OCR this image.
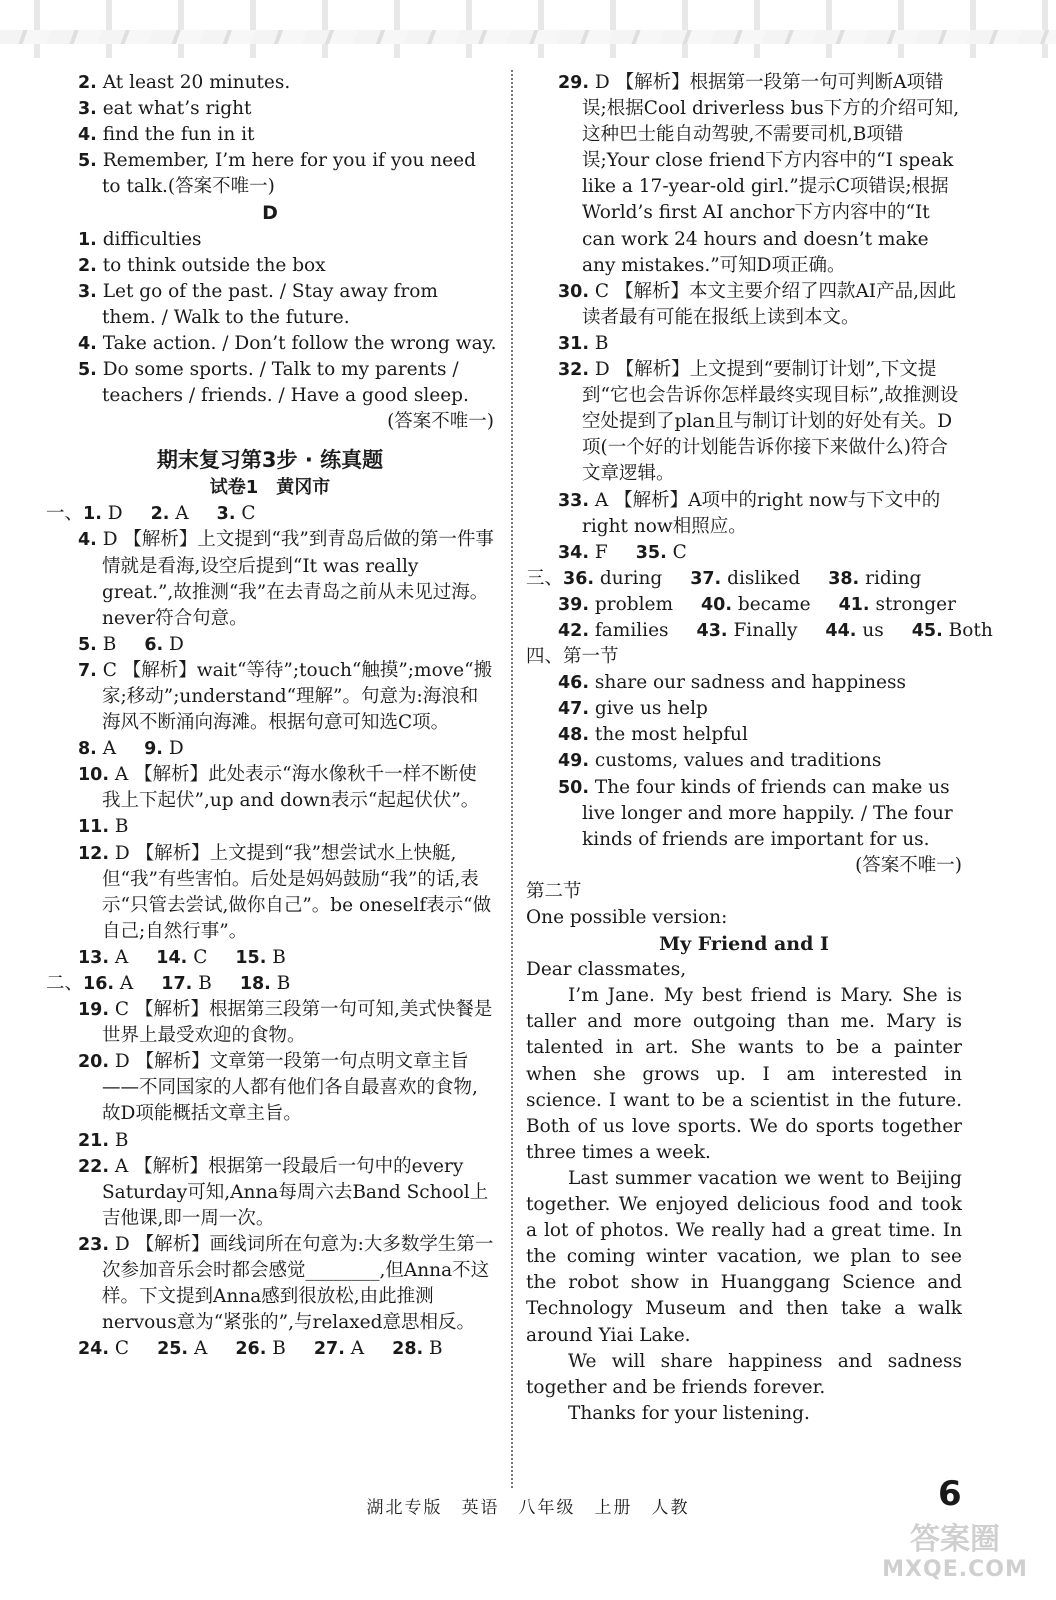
2. At least 20 minutes.
3. eat what’s right
4. find the fun in it
5. Remember, I’m here for you if you need to talk.(答案不唯一)
D
1. difficulties
2. to think outside the box
3. Let go of the past. / Stay away from them. / Walk to the future.
4. Take action. / Don’t follow the wrong way.
5. Do some sports. / Talk to my parents / teachers / friends. / Have a good sleep.
(答案不唯一)
期末复习第3步 · 练真题
试卷1　黄冈市
一、1. D 2. A 3. C
4. D 【解析】上文提到“我”到青岛后做的第一件事情就是看海,设空后提到“It was really great.”,故推测“我”在去青岛之前从未见过海。never符合句意。
5. B 6. D
7. C 【解析】wait“等待”;touch“触摸”;move“搬家;移动”;understand“理解”。句意为:海浪和海风不断涌向海滩。根据句意可知选C项。
8. A 9. D
10. A 【解析】此处表示“海水像秋千一样不断使我上下起伏”,up and down表示“起起伏伏”。
11. B
12. D 【解析】上文提到“我”想尝试水上快艇,但“我”有些害怕。后处是妈妈鼓励“我”的话,表示“只管去尝试,做你自己”。be oneself表示“做自己;自然行事”。
13. A 14. C 15. B
二、16. A 17. B 18. B
19. C 【解析】根据第三段第一句可知,美式快餐是世界上最受欢迎的食物。
20. D 【解析】文章第一段第一句点明文章主旨——不同国家的人都有他们各自最喜欢的食物,故D项能概括文章主旨。
21. B
22. A 【解析】根据第一段最后一句中的every Saturday可知,Anna每周六去Band School上吉他课,即一周一次。
23. D 【解析】画线词所在句意为:大多数学生第一次参加音乐会时都会感觉________,但Anna不这样。下文提到Anna感到很放松,由此推测nervous意为“紧张的”,与relaxed意思相反。
24. C 25. A 26. B 27. A 28. B
29. D 【解析】根据第一段第一句可判断A项错误;根据Cool driverless bus下方的介绍可知,这种巴士能自动驾驶,不需要司机,B项错误;Your close friend下方内容中的“I speak like a 17-year-old girl.”提示C项错误;根据World’s first AI anchor下方内容中的“It can work 24 hours and doesn’t make any mistakes.”可知D项正确。
30. C 【解析】本文主要介绍了四款AI产品,因此读者最有可能在报纸上读到本文。
31. B
32. D 【解析】上文提到“要制订计划”,下文提到“它也会告诉你怎样最终实现目标”,故推测设空处提到了plan且与制订计划的好处有关。D项(一个好的计划能告诉你接下来做什么)符合文章逻辑。
33. A 【解析】A项中的right now与下文中的right now相照应。
34. F 35. C
三、36. during 37. disliked 38. riding
39. problem 40. became 41. stronger
42. families 43. Finally 44. us 45. Both
四、第一节
46. share our sadness and happiness
47. give us help
48. the most helpful
49. customs, values and traditions
50. The four kinds of friends can make us live longer and more happily. / The four kinds of friends are important for us.
(答案不唯一)
第二节
One possible version:
My Friend and I
Dear classmates,
I’m Jane. My best friend is Mary. She is taller and more outgoing than me. Mary is talented in art. She wants to be a painter when she grows up. I am interested in science. I want to be a scientist in the future. Both of us love sports. We do sports together three times a week.
Last summer vacation we went to Beijing together. We enjoyed delicious food and took a lot of photos. We really had a great time. In the coming winter vacation, we plan to see the robot show in Huanggang Science and Technology Museum and then take a walk around Yiai Lake.
We will share happiness and sadness together and be friends forever.
Thanks for your listening.
湖北专版　英语　八年级　上册　人教	6
答案圈
MXQE.COM
